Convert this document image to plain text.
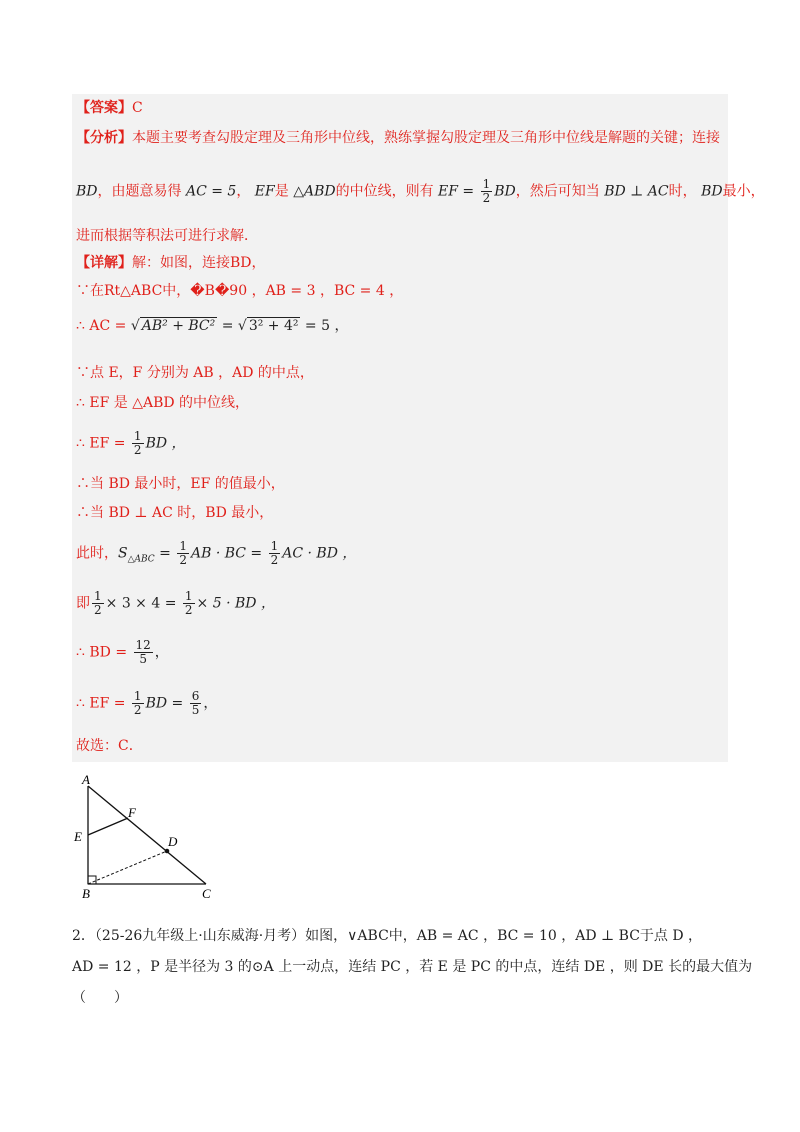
【答案】C
【分析】本题主要考查勾股定理及三角形中位线，熟练掌握勾股定理及三角形中位线是解题的关键；连接
BD，由题意易得 AC = 5， EF是 △ABD的中位线，则有 EF = $\frac{1}{2}$ BD，然后可知当 BD ⊥ AC时， BD最小，
进而根据等积法可进行求解．
【详解】解：如图，连接BD，
∵在Rt△ABC中，�B�90 ，AB = 3 ，BC = 4 ，
∴ AC = √ AB² + BC² = √ 3² + 4² = 5 ，
∵点 E，F 分别为 AB ，AD 的中点，
∴ EF 是 △ABD 的中位线，
∴ EF = $\frac{1}{2}$ BD ，
∴当 BD 最小时，EF 的值最小，
∴当 BD ⊥ AC 时，BD 最小，
此时，$S_{\triangle ABC} = \frac{1}{2}$ AB · BC = $\frac{1}{2}$ AC · BD ，
即 $\frac{1}{2} \times 3 \times 4 = \frac{1}{2} \times 5$ · BD ，
∴ BD = $\frac{12}{5}$ ，
∴ EF = $\frac{1}{2}$ BD = $\frac{6}{5}$ ，
故选：C．
A
F
E	D
B	C
2．（25-26九年级上·山东威海·月考）如图，∨ABC中，AB = AC ，BC = 10 ，AD ⊥ BC于点 D ，
AD = 12 ，P 是半径为 3 的⊙A 上一动点，连结 PC ，若 E 是 PC 的中点，连结 DE ，则 DE 长的最大值为
（　　）
